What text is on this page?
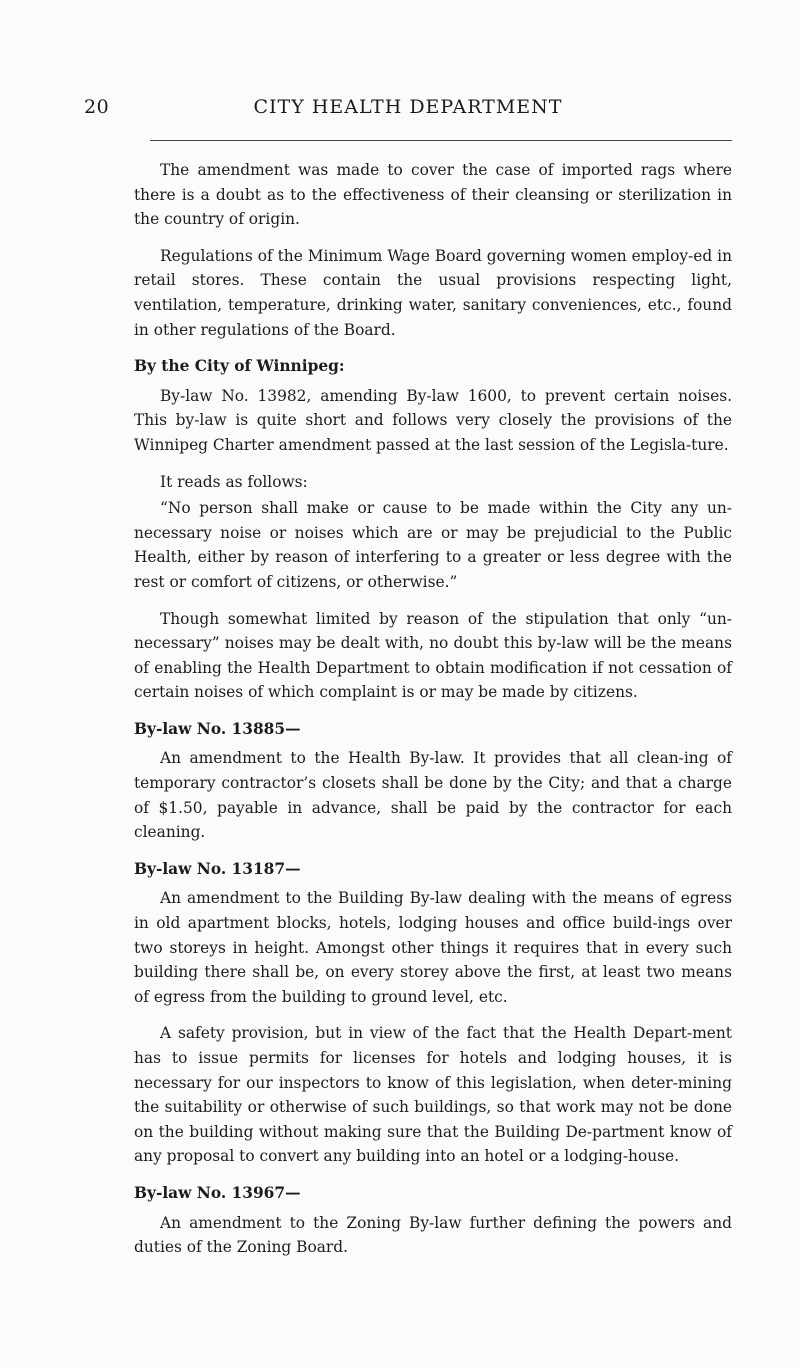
20	CITY HEALTH DEPARTMENT

The amendment was made to cover the case of imported rags where there is a doubt as to the effectiveness of their cleansing or sterilization in the country of origin.

Regulations of the Minimum Wage Board governing women employ-ed in retail stores. These contain the usual provisions respecting light, ventilation, temperature, drinking water, sanitary conveniences, etc., found in other regulations of the Board.

By the City of Winnipeg:

By-law No. 13982, amending By-law 1600, to prevent certain noises. This by-law is quite short and follows very closely the provisions of the Winnipeg Charter amendment passed at the last session of the Legisla-ture.

It reads as follows:

“No person shall make or cause to be made within the City any un-necessary noise or noises which are or may be prejudicial to the Public Health, either by reason of interfering to a greater or less degree with the rest or comfort of citizens, or otherwise.”

Though somewhat limited by reason of the stipulation that only “un-necessary” noises may be dealt with, no doubt this by-law will be the means of enabling the Health Department to obtain modification if not cessation of certain noises of which complaint is or may be made by citizens.

By-law No. 13885—

An amendment to the Health By-law. It provides that all clean-ing of temporary contractor’s closets shall be done by the City; and that a charge of $1.50, payable in advance, shall be paid by the contractor for each cleaning.

By-law No. 13187—

An amendment to the Building By-law dealing with the means of egress in old apartment blocks, hotels, lodging houses and office build-ings over two storeys in height. Amongst other things it requires that in every such building there shall be, on every storey above the first, at least two means of egress from the building to ground level, etc.

A safety provision, but in view of the fact that the Health Depart-ment has to issue permits for licenses for hotels and lodging houses, it is necessary for our inspectors to know of this legislation, when deter-mining the suitability or otherwise of such buildings, so that work may not be done on the building without making sure that the Building De-partment know of any proposal to convert any building into an hotel or a lodging-house.

By-law No. 13967—

An amendment to the Zoning By-law further defining the powers and duties of the Zoning Board.
